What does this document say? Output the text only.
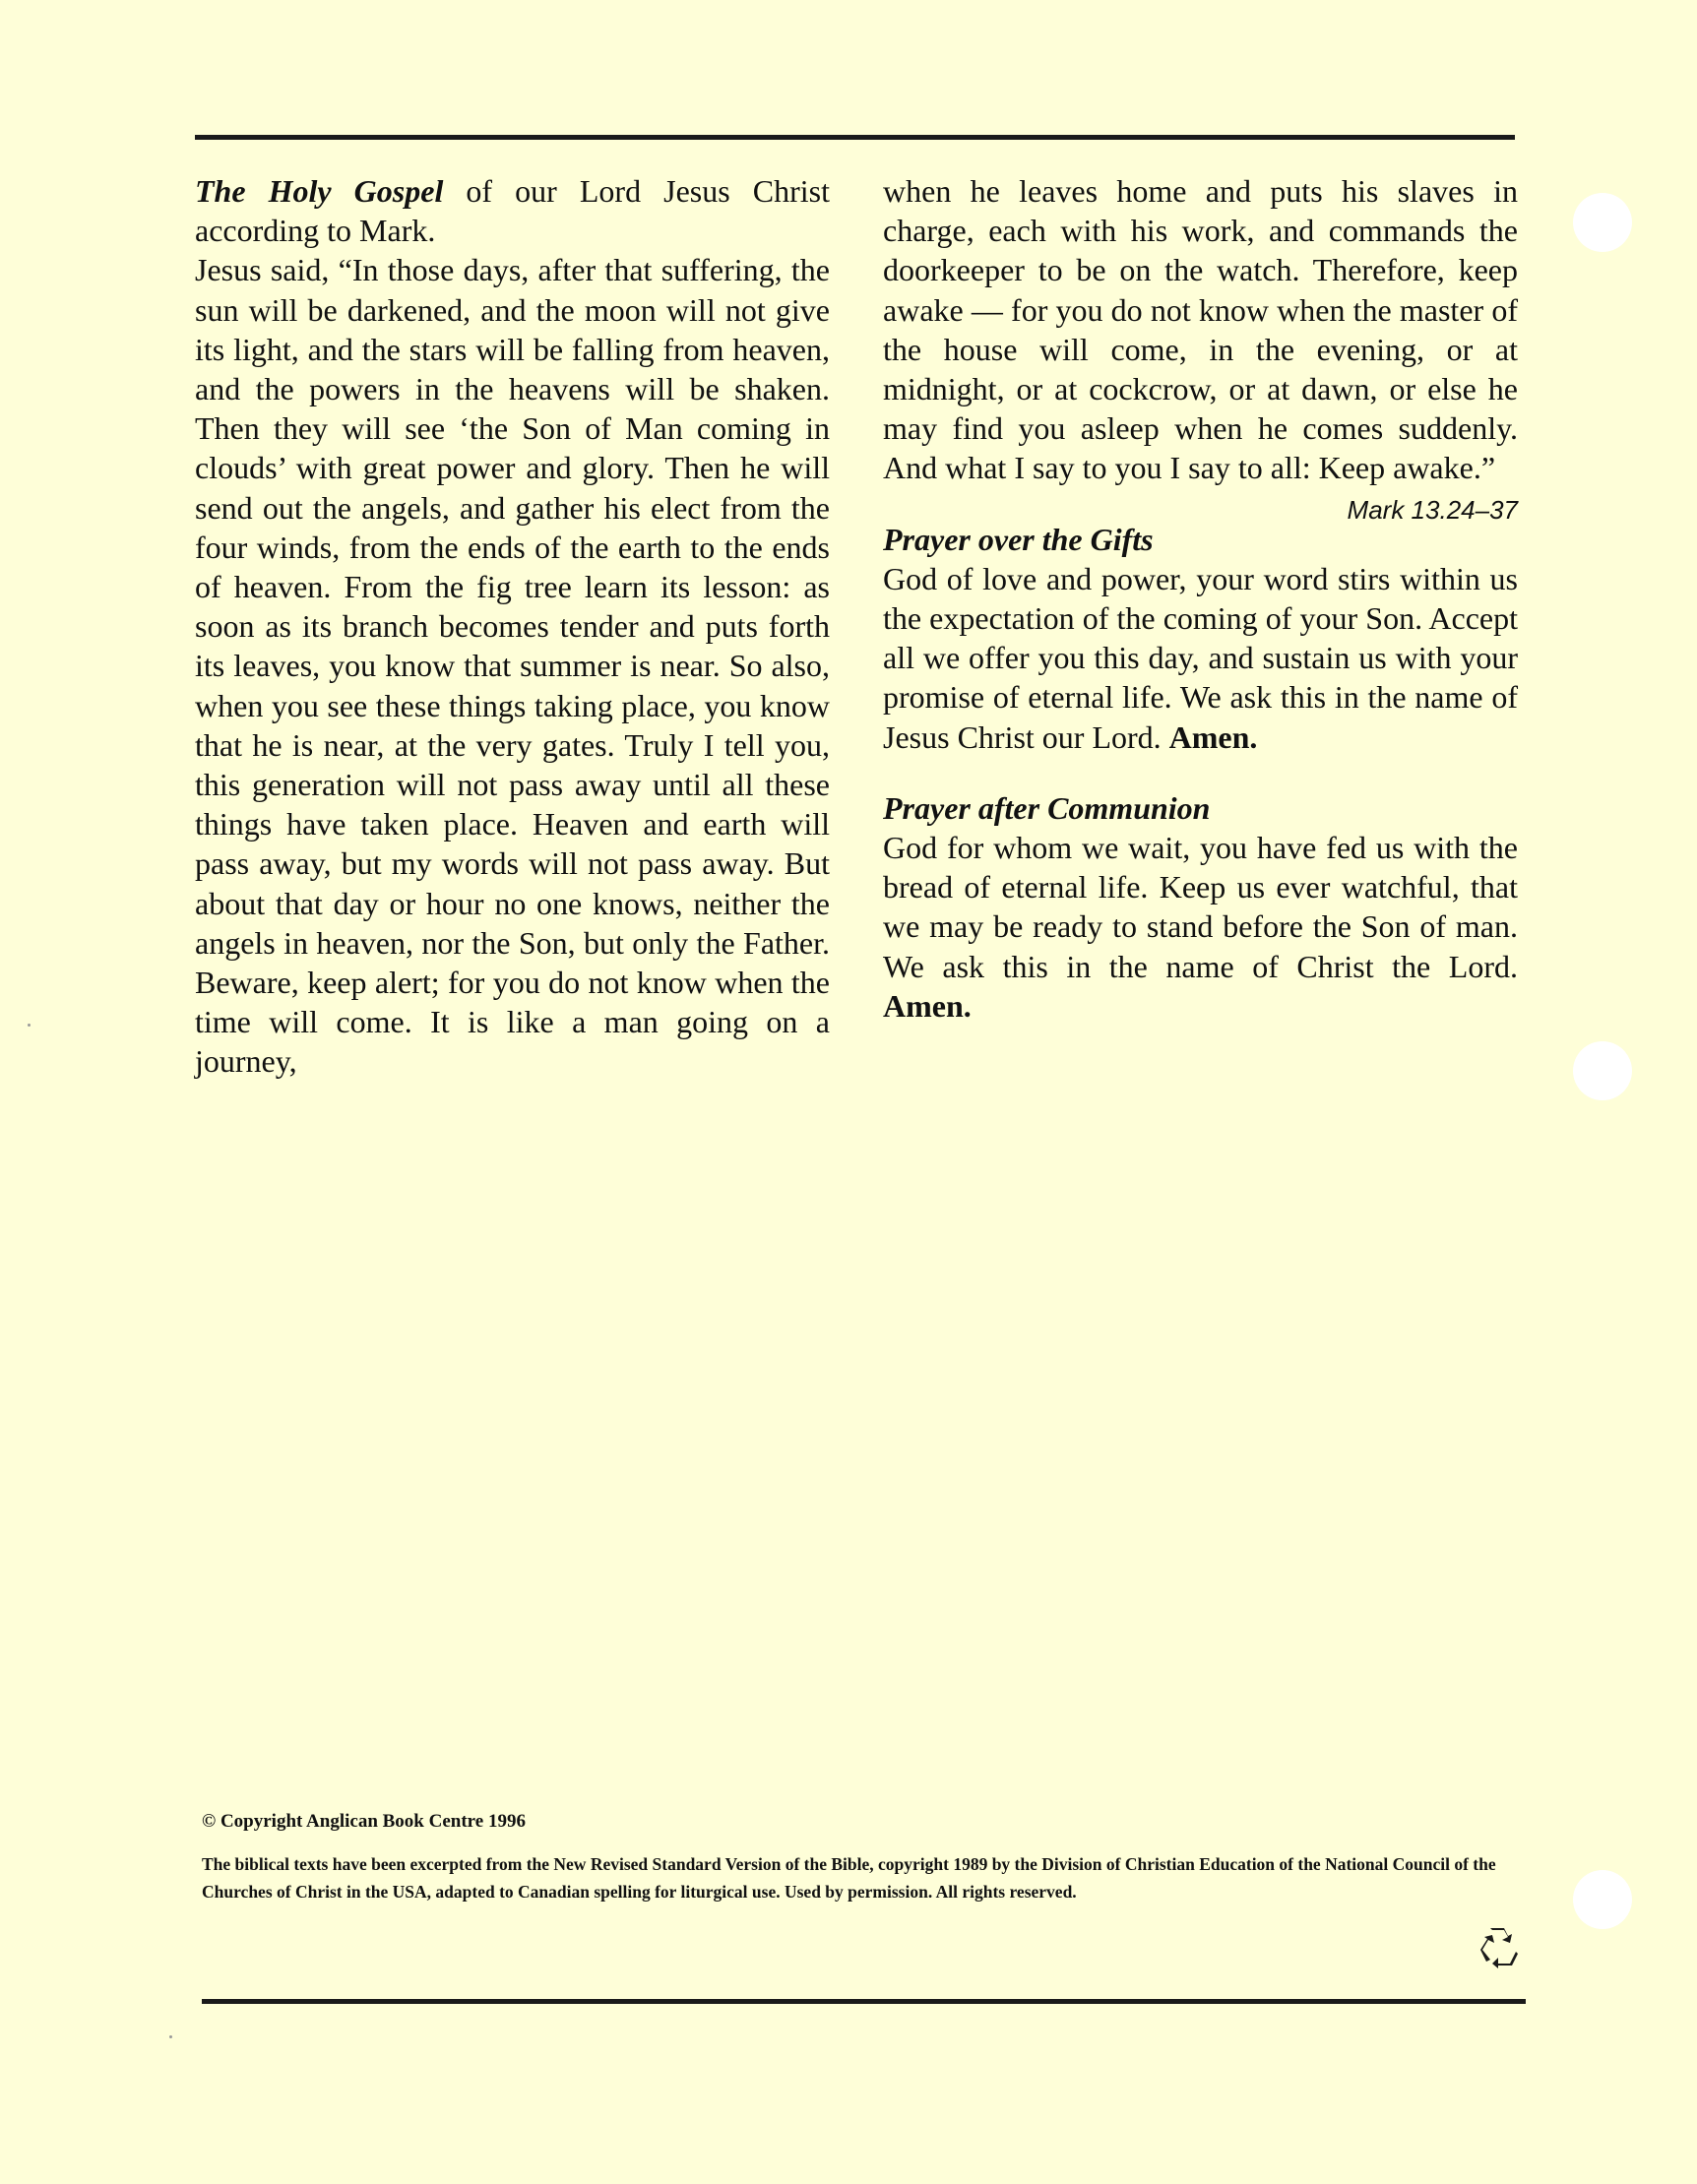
The Holy Gospel of our Lord Jesus Christ according to Mark.

Jesus said, “In those days, after that suffering, the sun will be darkened, and the moon will not give its light, and the stars will be falling from heaven, and the powers in the heavens will be shaken. Then they will see ‘the Son of Man coming in clouds’ with great power and glory. Then he will send out the angels, and gather his elect from the four winds, from the ends of the earth to the ends of heaven. From the fig tree learn its lesson: as soon as its branch becomes tender and puts forth its leaves, you know that summer is near. So also, when you see these things taking place, you know that he is near, at the very gates. Truly I tell you, this generation will not pass away until all these things have taken place. Heaven and earth will pass away, but my words will not pass away. But about that day or hour no one knows, neither the angels in heaven, nor the Son, but only the Father. Beware, keep alert; for you do not know when the time will come. It is like a man going on a journey,

when he leaves home and puts his slaves in charge, each with his work, and commands the doorkeeper to be on the watch. Therefore, keep awake — for you do not know when the master of the house will come, in the evening, or at midnight, or at cockcrow, or at dawn, or else he may find you asleep when he comes suddenly. And what I say to you I say to all: Keep awake.”
Mark 13.24–37

Prayer over the Gifts

God of love and power, your word stirs within us the expectation of the coming of your Son. Accept all we offer you this day, and sustain us with your promise of eternal life. We ask this in the name of Jesus Christ our Lord. Amen.

Prayer after Communion

God for whom we wait, you have fed us with the bread of eternal life. Keep us ever watchful, that we may be ready to stand before the Son of man. We ask this in the name of Christ the Lord. Amen.

© Copyright Anglican Book Centre 1996
The biblical texts have been excerpted from the New Revised Standard Version of the Bible, copyright 1989 by the Division of Christian Education of the National Council of the Churches of Christ in the USA, adapted to Canadian spelling for liturgical use. Used by permission. All rights reserved.
